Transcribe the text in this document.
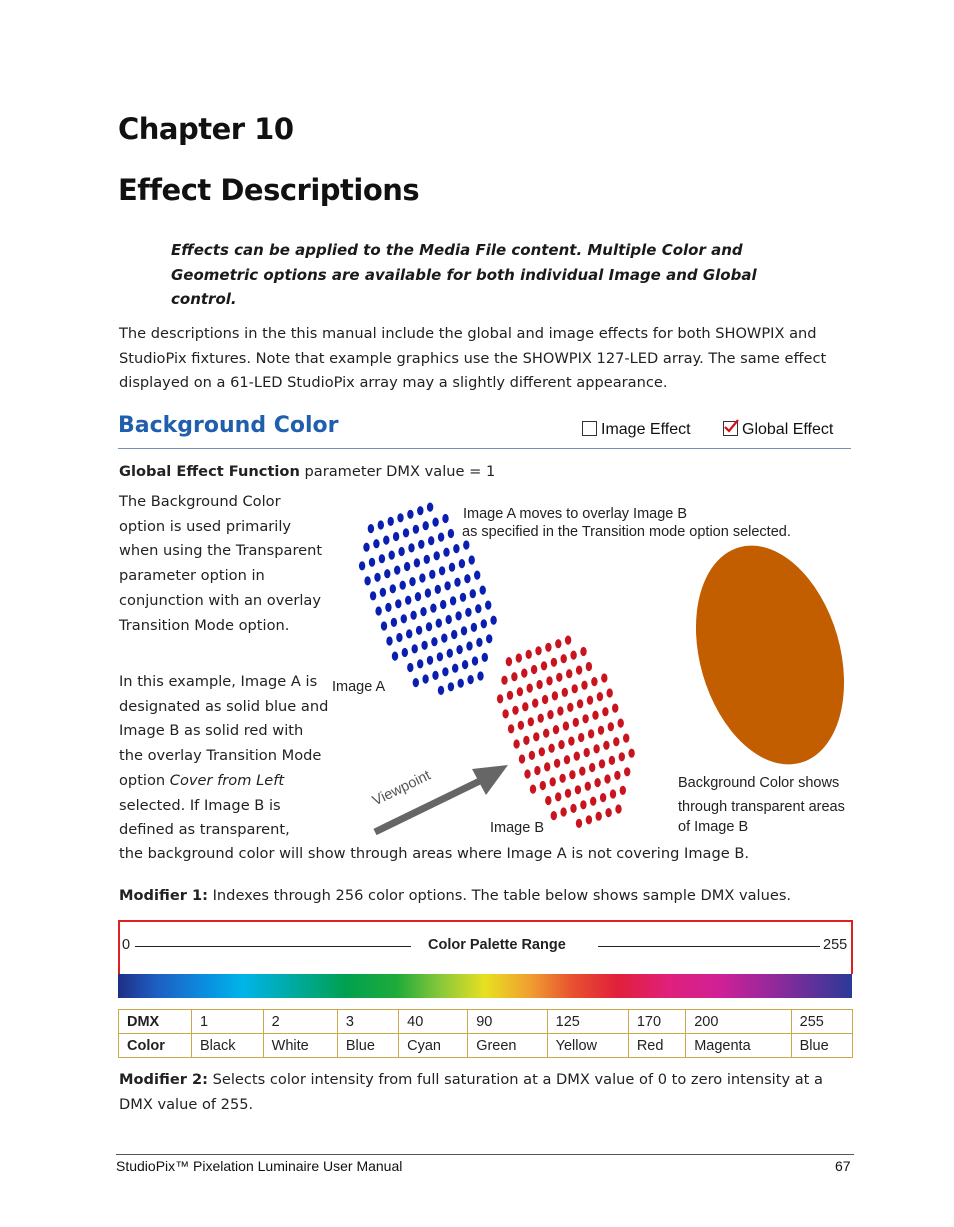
Chapter 10
Effect Descriptions
Effects can be applied to the Media File content. Multiple Color and Geometric options are available for both individual Image and Global control.
The descriptions in the this manual include the global and image effects for both SHOWPIX and StudioPix fixtures. Note that example graphics use the SHOWPIX 127-LED array. The same effect displayed on a 61-LED StudioPix array may a slightly different appearance.
Background Color	Image Effect	Global Effect
Global Effect Function parameter DMX value = 1
The Background Color option is used primarily when using the Transparent parameter option in conjunction with an overlay Transition Mode option.
In this example, Image A is designated as solid blue and Image B as solid red with the overlay Transition Mode option Cover from Left selected. If Image B is defined as transparent,
Image A moves to overlay Image B
as specified in the Transition mode option selected.
Image A
Image B
Viewpoint	Background Color shows
through transparent areas
of Image B
the background color will show through areas where Image A is not covering Image B.
Modifier 1: Indexes through 256 color options. The table below shows sample DMX values.
0	Color Palette Range	255
DMX	1	2	3	40	90	125	170	200	255
Color	Black	White	Blue	Cyan	Green	Yellow	Red	Magenta	Blue
Modifier 2: Selects color intensity from full saturation at a DMX value of 0 to zero intensity at a DMX value of 255.
StudioPix™ Pixelation Luminaire User Manual	67
